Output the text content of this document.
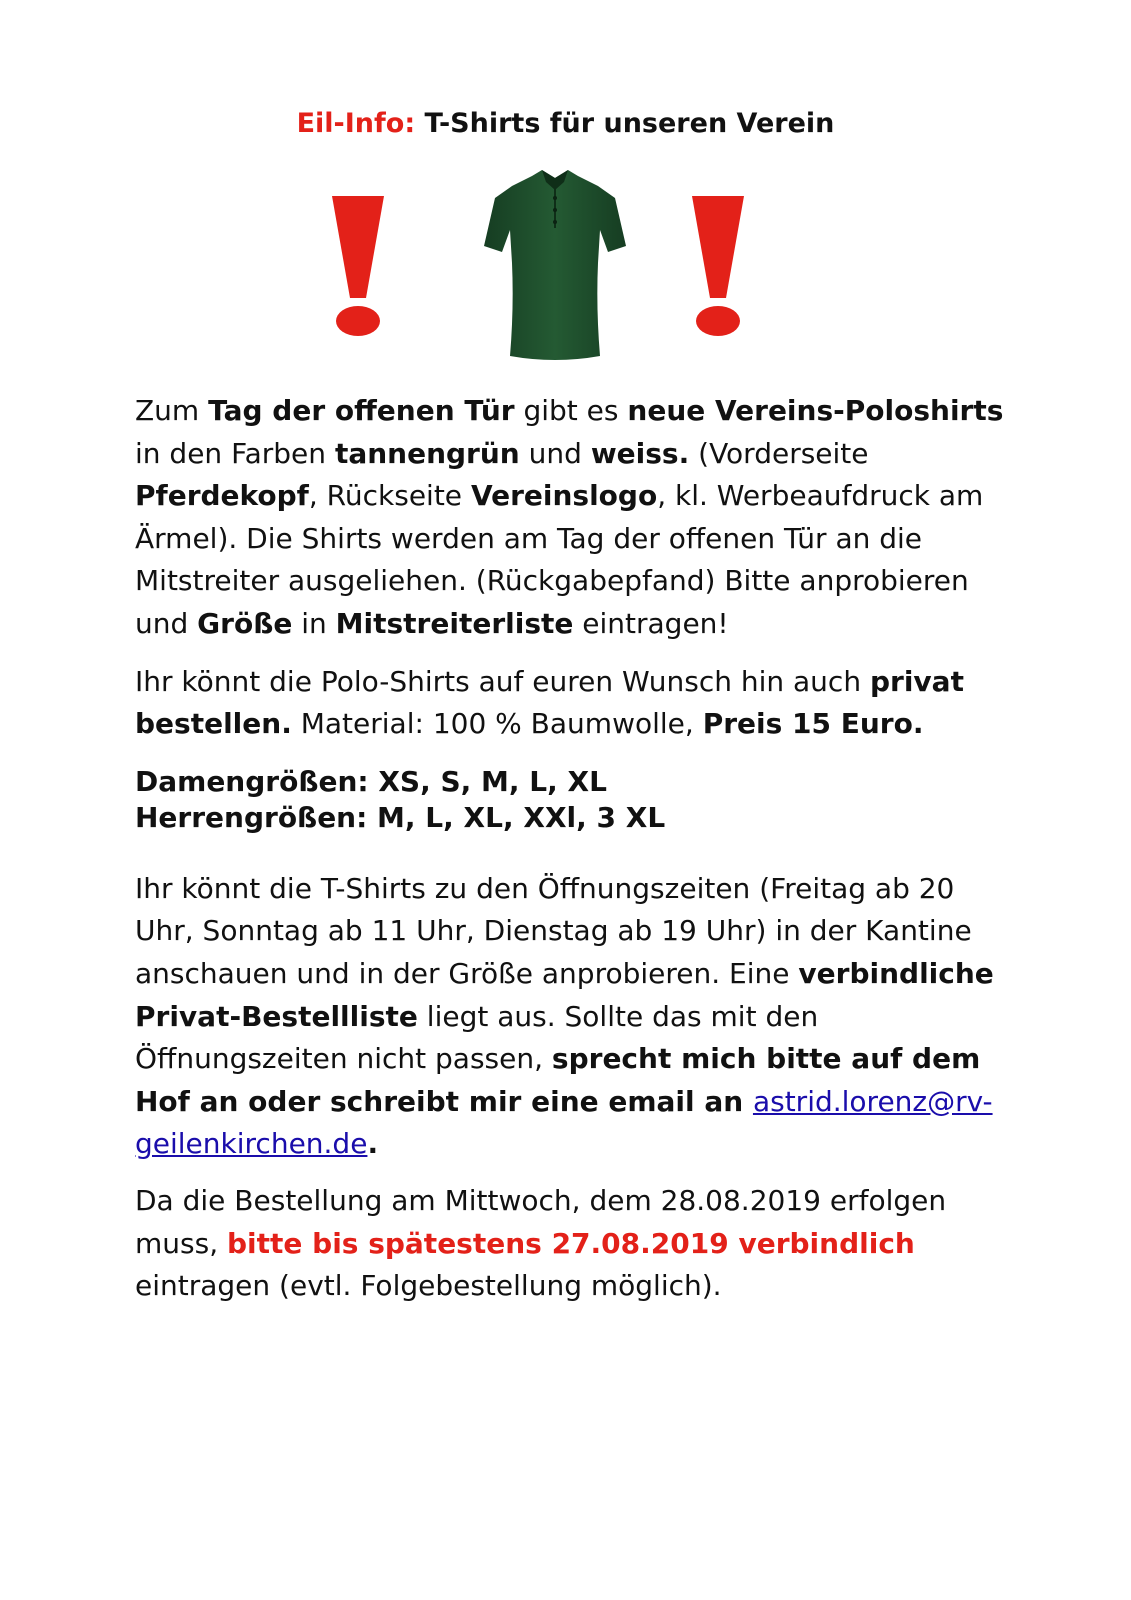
Eil-Info: T-Shirts für unseren Verein

Zum Tag der offenen Tür gibt es neue Vereins-Poloshirts in den Farben tannengrün und weiss. (Vorderseite Pferdekopf, Rückseite Vereinslogo, kl. Werbeaufdruck am Ärmel). Die Shirts werden am Tag der offenen Tür an die Mitstreiter ausgeliehen. (Rückgabepfand) Bitte anprobieren und Größe in Mitstreiterliste eintragen!

Ihr könnt die Polo-Shirts auf euren Wunsch hin auch privat bestellen. Material: 100 % Baumwolle, Preis 15 Euro.

Damengrößen: XS, S, M, L, XL
Herrengrößen: M, L, XL, XXl, 3 XL

Ihr könnt die T-Shirts zu den Öffnungszeiten (Freitag ab 20 Uhr, Sonntag ab 11 Uhr, Dienstag ab 19 Uhr) in der Kantine anschauen und in der Größe anprobieren. Eine verbindliche Privat-Bestellliste liegt aus. Sollte das mit den Öffnungszeiten nicht passen, sprecht mich bitte auf dem Hof an oder schreibt mir eine email an astrid.lorenz@rv-geilenkirchen.de.

Da die Bestellung am Mittwoch, dem 28.08.2019 erfolgen muss, bitte bis spätestens 27.08.2019 verbindlich eintragen (evtl. Folgebestellung möglich).
